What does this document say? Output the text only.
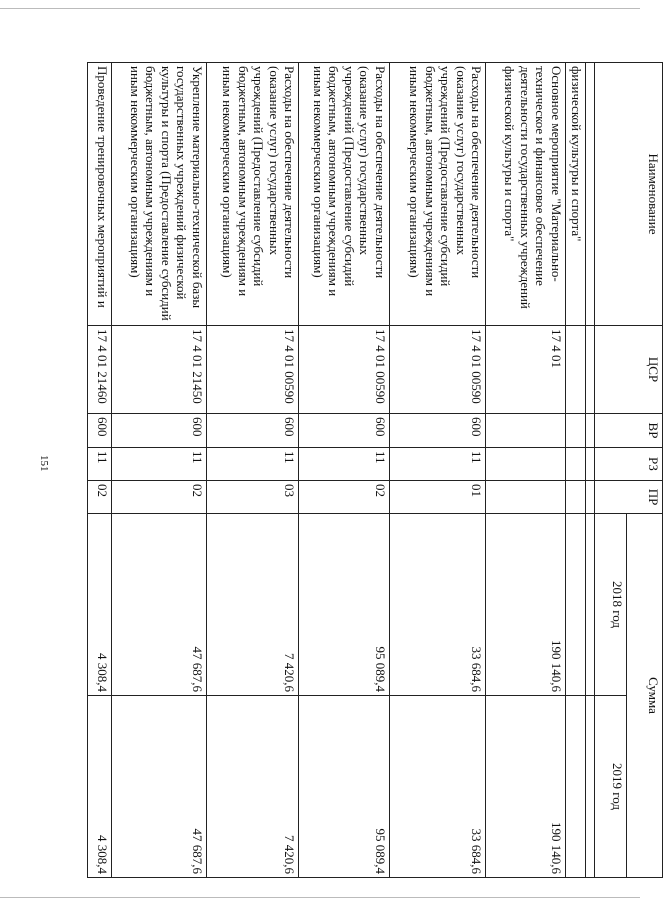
151
Наименование	ЦСР	ВР	РЗ	ПР	Сумма	
					2018 год	2019 год

физической культуры и спорта"						
Основное мероприятие "Материально-техническое и финансовое обеспечение деятельности государственных учреждений физической культуры и спорта"	17 4 01				190 140,6	190 140,6
Расходы на обеспечение деятельности (оказание услуг) государственных учреждений (Предоставление субсидий бюджетным, автономным учреждениям и иным некоммерческим организациям)	17 4 01 00590	600	11	01	33 684,6	33 684,6
Расходы на обеспечение деятельности (оказание услуг) государственных учреждений (Предоставление субсидий бюджетным, автономным учреждениям и иным некоммерческим организациям)	17 4 01 00590	600	11	02	95 089,4	95 089,4
Расходы на обеспечение деятельности (оказание услуг) государственных учреждений (Предоставление субсидий бюджетным, автономным учреждениям и иным некоммерческим организациям)	17 4 01 00590	600	11	03	7 420,6	7 420,6
Укрепление материально-технической базы государственных учреждений физической культуры и спорта (Предоставление субсидий бюджетным, автономным учреждениям и иным некоммерческим организациям)	17 4 01 21450	600	11	02	47 687,6	47 687,6
Проведение тренировочных мероприятий и	17 4 01 21460	600	11	02	4 308,4	4 308,4
